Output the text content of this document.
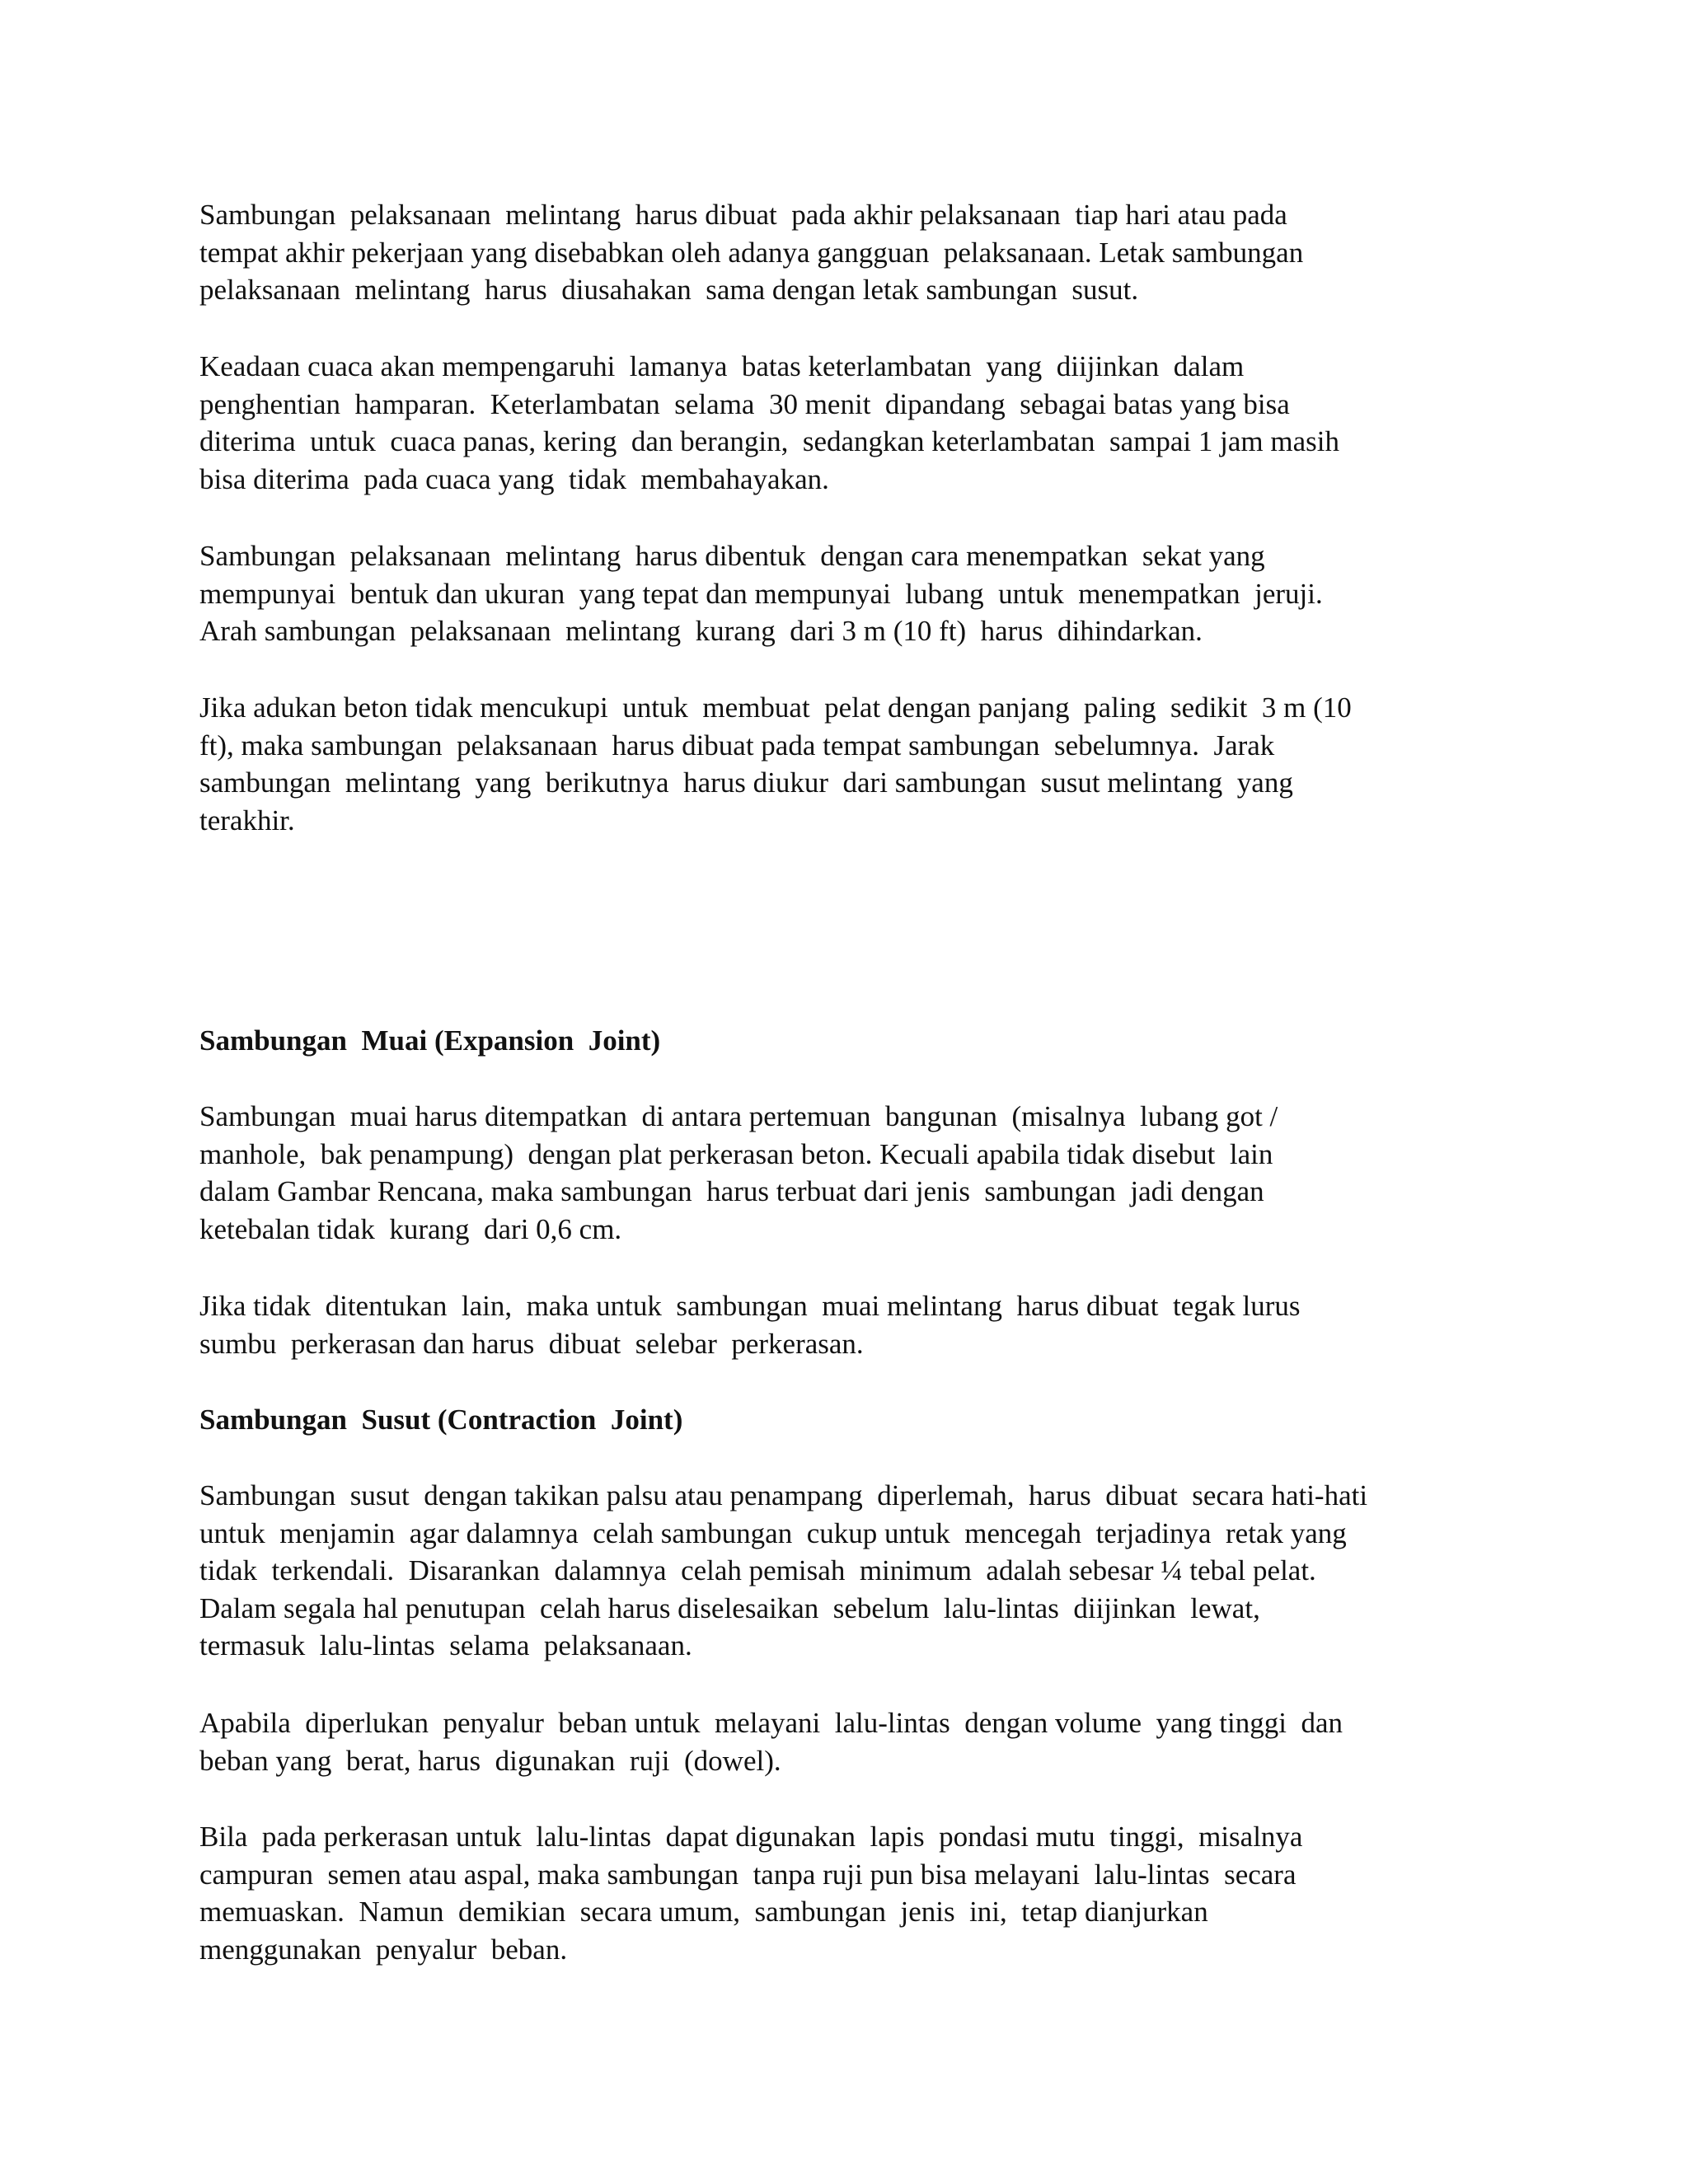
Sambungan  pelaksanaan  melintang  harus dibuat  pada akhir pelaksanaan  tiap hari atau pada
tempat akhir pekerjaan yang disebabkan oleh adanya gangguan  pelaksanaan. Letak sambungan
pelaksanaan  melintang  harus  diusahakan  sama dengan letak sambungan  susut.
Keadaan cuaca akan mempengaruhi  lamanya  batas keterlambatan  yang  diijinkan  dalam
penghentian  hamparan.  Keterlambatan  selama  30 menit  dipandang  sebagai batas yang bisa
diterima  untuk  cuaca panas, kering  dan berangin,  sedangkan keterlambatan  sampai 1 jam masih
bisa diterima  pada cuaca yang  tidak  membahayakan.
Sambungan  pelaksanaan  melintang  harus dibentuk  dengan cara menempatkan  sekat yang
mempunyai  bentuk dan ukuran  yang tepat dan mempunyai  lubang  untuk  menempatkan  jeruji.
Arah sambungan  pelaksanaan  melintang  kurang  dari 3 m (10 ft)  harus  dihindarkan.
Jika adukan beton tidak mencukupi  untuk  membuat  pelat dengan panjang  paling  sedikit  3 m (10
ft), maka sambungan  pelaksanaan  harus dibuat pada tempat sambungan  sebelumnya.  Jarak
sambungan  melintang  yang  berikutnya  harus diukur  dari sambungan  susut melintang  yang
terakhir.
Sambungan  Muai (Expansion  Joint)
Sambungan  muai harus ditempatkan  di antara pertemuan  bangunan  (misalnya  lubang got /
manhole,  bak penampung)  dengan plat perkerasan beton. Kecuali apabila tidak disebut  lain
dalam Gambar Rencana, maka sambungan  harus terbuat dari jenis  sambungan  jadi dengan
ketebalan tidak  kurang  dari 0,6 cm.
Jika tidak  ditentukan  lain,  maka untuk  sambungan  muai melintang  harus dibuat  tegak lurus
sumbu  perkerasan dan harus  dibuat  selebar  perkerasan.
Sambungan  Susut (Contraction  Joint)
Sambungan  susut  dengan takikan palsu atau penampang  diperlemah,  harus  dibuat  secara hati-hati
untuk  menjamin  agar dalamnya  celah sambungan  cukup untuk  mencegah  terjadinya  retak yang
tidak  terkendali.  Disarankan  dalamnya  celah pemisah  minimum  adalah sebesar ¼ tebal pelat.
Dalam segala hal penutupan  celah harus diselesaikan  sebelum  lalu-lintas  diijinkan  lewat,
termasuk  lalu-lintas  selama  pelaksanaan.
Apabila  diperlukan  penyalur  beban untuk  melayani  lalu-lintas  dengan volume  yang tinggi  dan
beban yang  berat, harus  digunakan  ruji  (dowel).
Bila  pada perkerasan untuk  lalu-lintas  dapat digunakan  lapis  pondasi mutu  tinggi,  misalnya
campuran  semen atau aspal, maka sambungan  tanpa ruji pun bisa melayani  lalu-lintas  secara
memuaskan.  Namun  demikian  secara umum,  sambungan  jenis  ini,  tetap dianjurkan
menggunakan  penyalur  beban.
